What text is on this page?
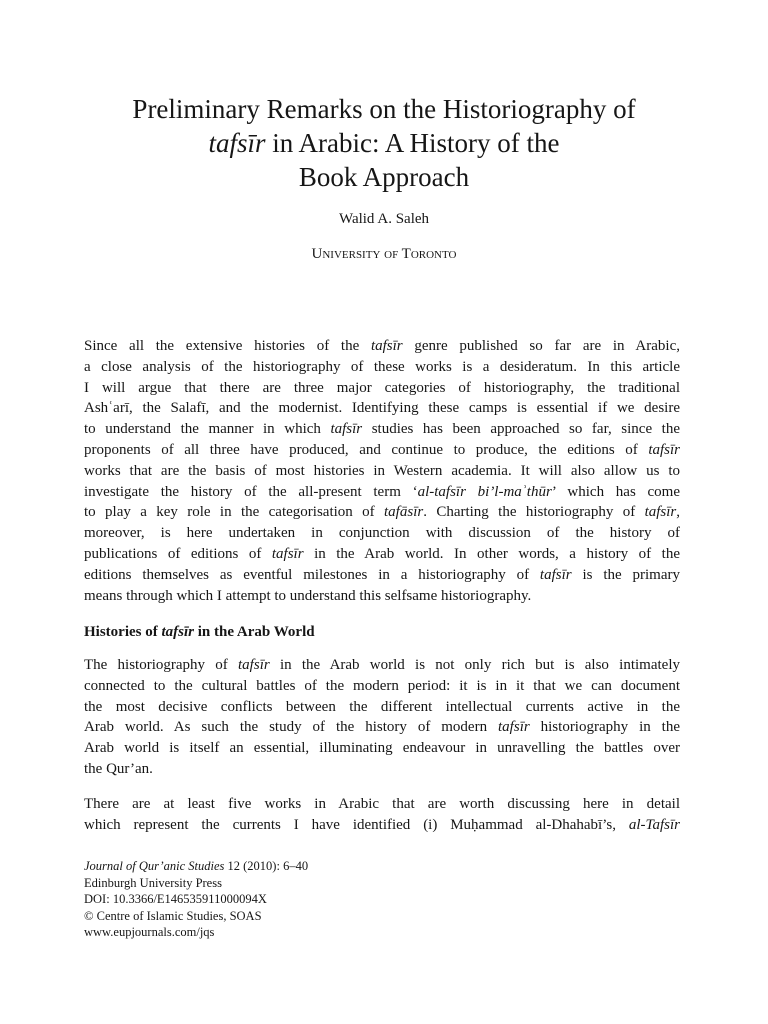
Preliminary Remarks on the Historiography of
tafsīr in Arabic: A History of the
Book Approach
Walid A. Saleh
University of Toronto
Since all the extensive histories of the tafsīr genre published so far are in Arabic,
a close analysis of the historiography of these works is a desideratum. In this article
I will argue that there are three major categories of historiography, the traditional
Ashʿarī, the Salafī, and the modernist. Identifying these camps is essential if we desire
to understand the manner in which tafsīr studies has been approached so far, since the
proponents of all three have produced, and continue to produce, the editions of tafsīr
works that are the basis of most histories in Western academia. It will also allow us to
investigate the history of the all-present term ‘al-tafsīr bi’l-maʾthūr’ which has come
to play a key role in the categorisation of tafāsīr. Charting the historiography of tafsīr,
moreover, is here undertaken in conjunction with discussion of the history of
publications of editions of tafsīr in the Arab world. In other words, a history of the
editions themselves as eventful milestones in a historiography of tafsīr is the primary
means through which I attempt to understand this selfsame historiography.
Histories of tafsīr in the Arab World
The historiography of tafsīr in the Arab world is not only rich but is also intimately
connected to the cultural battles of the modern period: it is in it that we can document
the most decisive conflicts between the different intellectual currents active in the
Arab world. As such the study of the history of modern tafsīr historiography in the
Arab world is itself an essential, illuminating endeavour in unravelling the battles over
the Qur’an.
There are at least five works in Arabic that are worth discussing here in detail
which represent the currents I have identified (i) Muḥammad al-Dhahabī’s, al-Tafsīr
Journal of Qur’anic Studies 12 (2010): 6–40
Edinburgh University Press
DOI: 10.3366/E146535911000094X
© Centre of Islamic Studies, SOAS
www.eupjournals.com/jqs
